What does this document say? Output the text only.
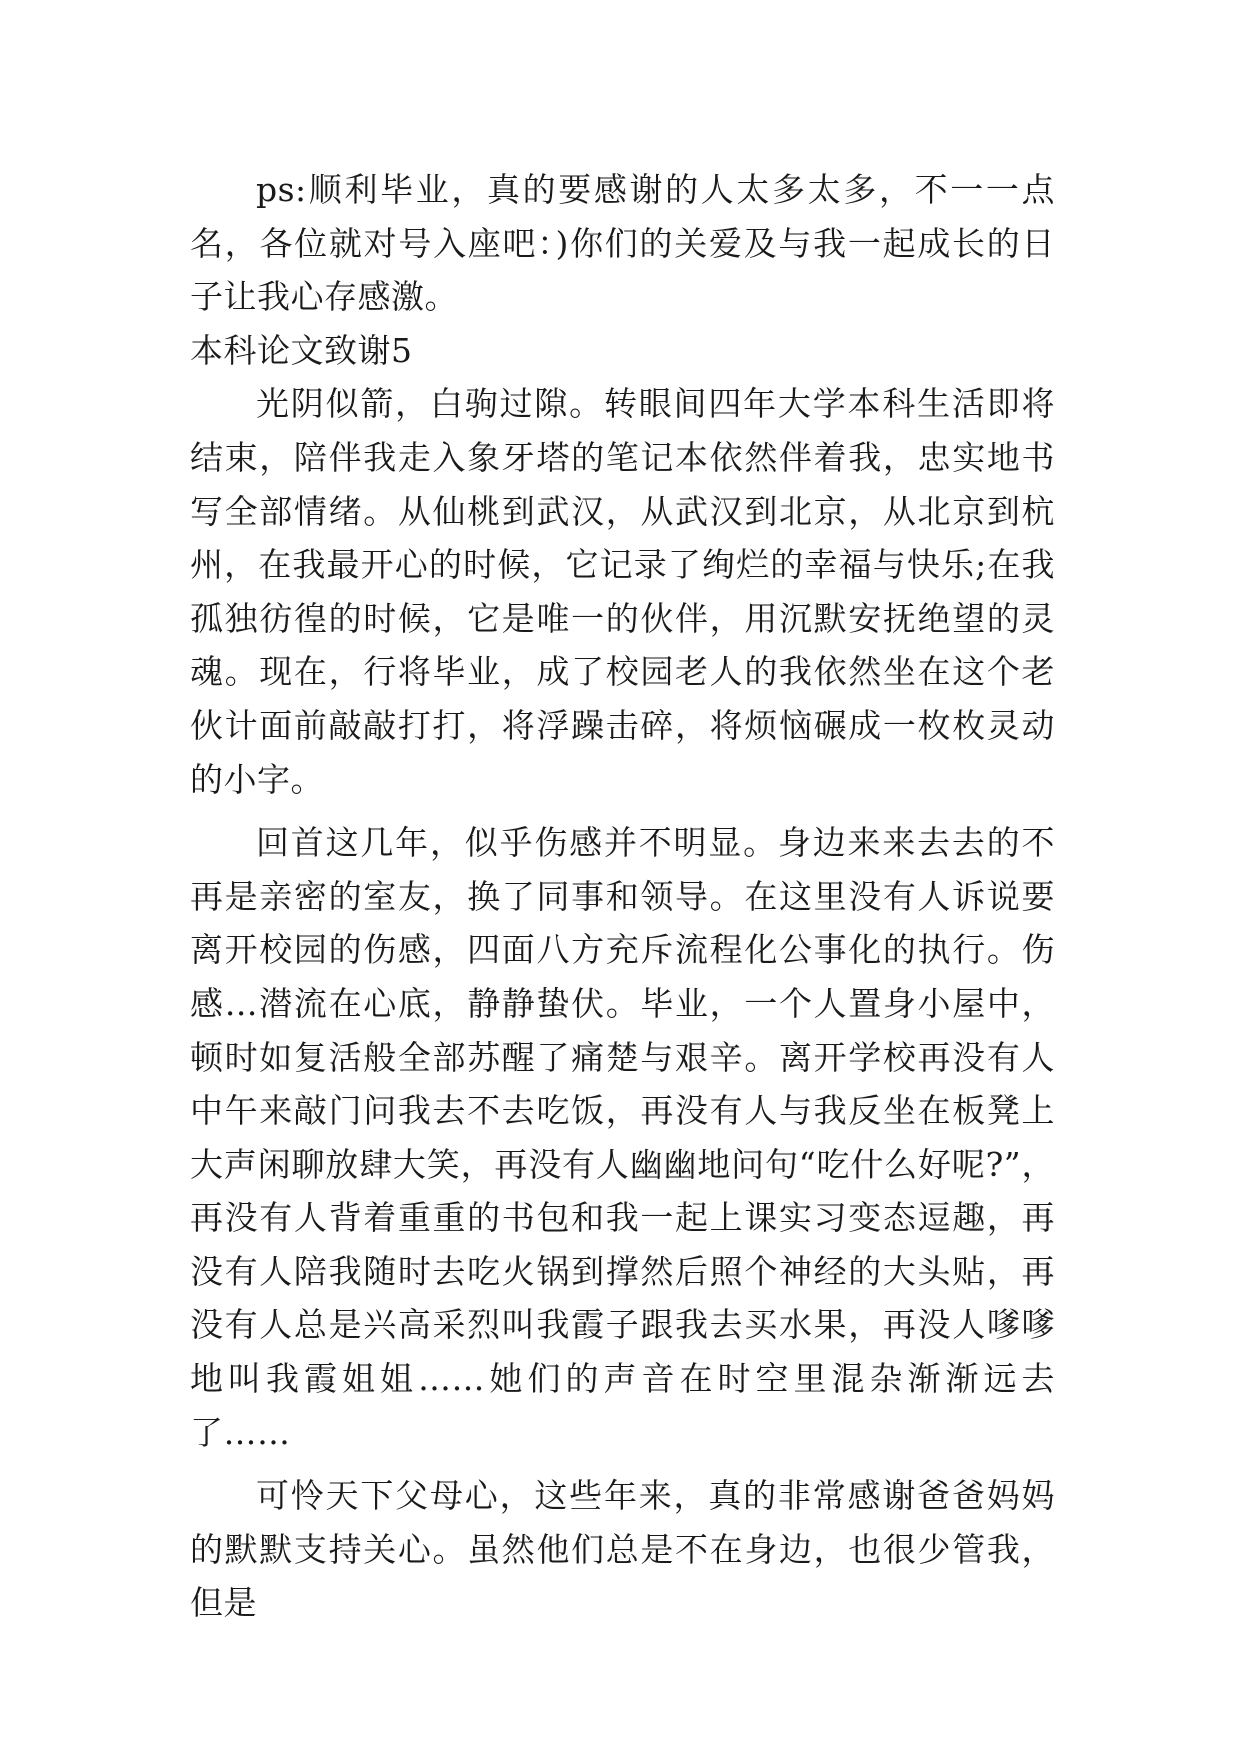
ps:顺利毕业，真的要感谢的人太多太多，不一一点名，各位就对号入座吧：)你们的关爱及与我一起成长的日子让我心存感激。

本科论文致谢5

光阴似箭，白驹过隙。转眼间四年大学本科生活即将结束，陪伴我走入象牙塔的笔记本依然伴着我，忠实地书写全部情绪。从仙桃到武汉，从武汉到北京，从北京到杭州，在我最开心的时候，它记录了绚烂的幸福与快乐;在我孤独彷徨的时候，它是唯一的伙伴，用沉默安抚绝望的灵魂。现在，行将毕业，成了校园老人的我依然坐在这个老伙计面前敲敲打打，将浮躁击碎，将烦恼碾成一枚枚灵动的小字。

回首这几年，似乎伤感并不明显。身边来来去去的不再是亲密的室友，换了同事和领导。在这里没有人诉说要离开校园的伤感，四面八方充斥流程化公事化的执行。伤感…潜流在心底，静静蛰伏。毕业，一个人置身小屋中，顿时如复活般全部苏醒了痛楚与艰辛。离开学校再没有人中午来敲门问我去不去吃饭，再没有人与我反坐在板凳上大声闲聊放肆大笑，再没有人幽幽地问句“吃什么好呢?”，再没有人背着重重的书包和我一起上课实习变态逗趣，再没有人陪我随时去吃火锅到撑然后照个神经的大头贴，再没有人总是兴高采烈叫我霞子跟我去买水果，再没人嗲嗲地叫我霞姐姐……她们的声音在时空里混杂渐渐远去了……

可怜天下父母心，这些年来，真的非常感谢爸爸妈妈的默默支持关心。虽然他们总是不在身边，也很少管我，但是
